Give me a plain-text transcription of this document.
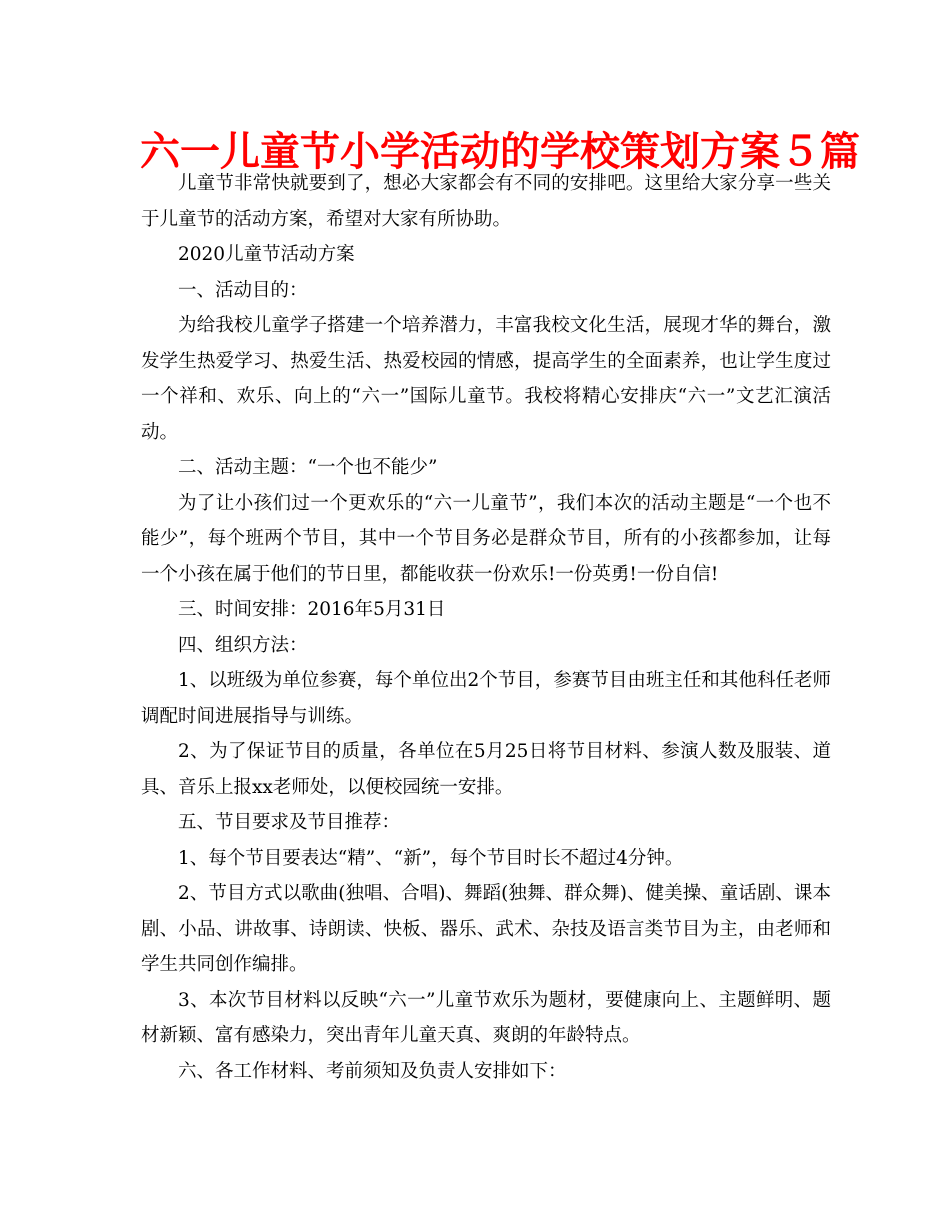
六一儿童节小学活动的学校策划方案５篇

儿童节非常快就要到了，想必大家都会有不同的安排吧。这里给大家分享一些关于儿童节的活动方案，希望对大家有所协助。

2020儿童节活动方案

一、活动目的：

为给我校儿童学子搭建一个培养潜力，丰富我校文化生活，展现才华的舞台，激发学生热爱学习、热爱生活、热爱校园的情感，提高学生的全面素养，也让学生度过一个祥和、欢乐、向上的“六一”国际儿童节。我校将精心安排庆“六一”文艺汇演活动。

二、活动主题：“一个也不能少”

为了让小孩们过一个更欢乐的“六一儿童节”，我们本次的活动主题是“一个也不能少”，每个班两个节目，其中一个节目务必是群众节目，所有的小孩都参加，让每一个小孩在属于他们的节日里，都能收获一份欢乐!一份英勇!一份自信!

三、时间安排：2016年5月31日

四、组织方法：

1、以班级为单位参赛，每个单位出2个节目，参赛节目由班主任和其他科任老师调配时间进展指导与训练。

2、为了保证节目的质量，各单位在5月25日将节目材料、参演人数及服装、道具、音乐上报xx老师处，以便校园统一安排。

五、节目要求及节目推荐：

1、每个节目要表达“精”、“新”，每个节目时长不超过4分钟。

2、节目方式以歌曲(独唱、合唱)、舞蹈(独舞、群众舞)、健美操、童话剧、课本剧、小品、讲故事、诗朗读、快板、器乐、武术、杂技及语言类节目为主，由老师和学生共同创作编排。

3、本次节目材料以反映“六一”儿童节欢乐为题材，要健康向上、主题鲜明、题材新颖、富有感染力，突出青年儿童天真、爽朗的年龄特点。

六、各工作材料、考前须知及负责人安排如下：
